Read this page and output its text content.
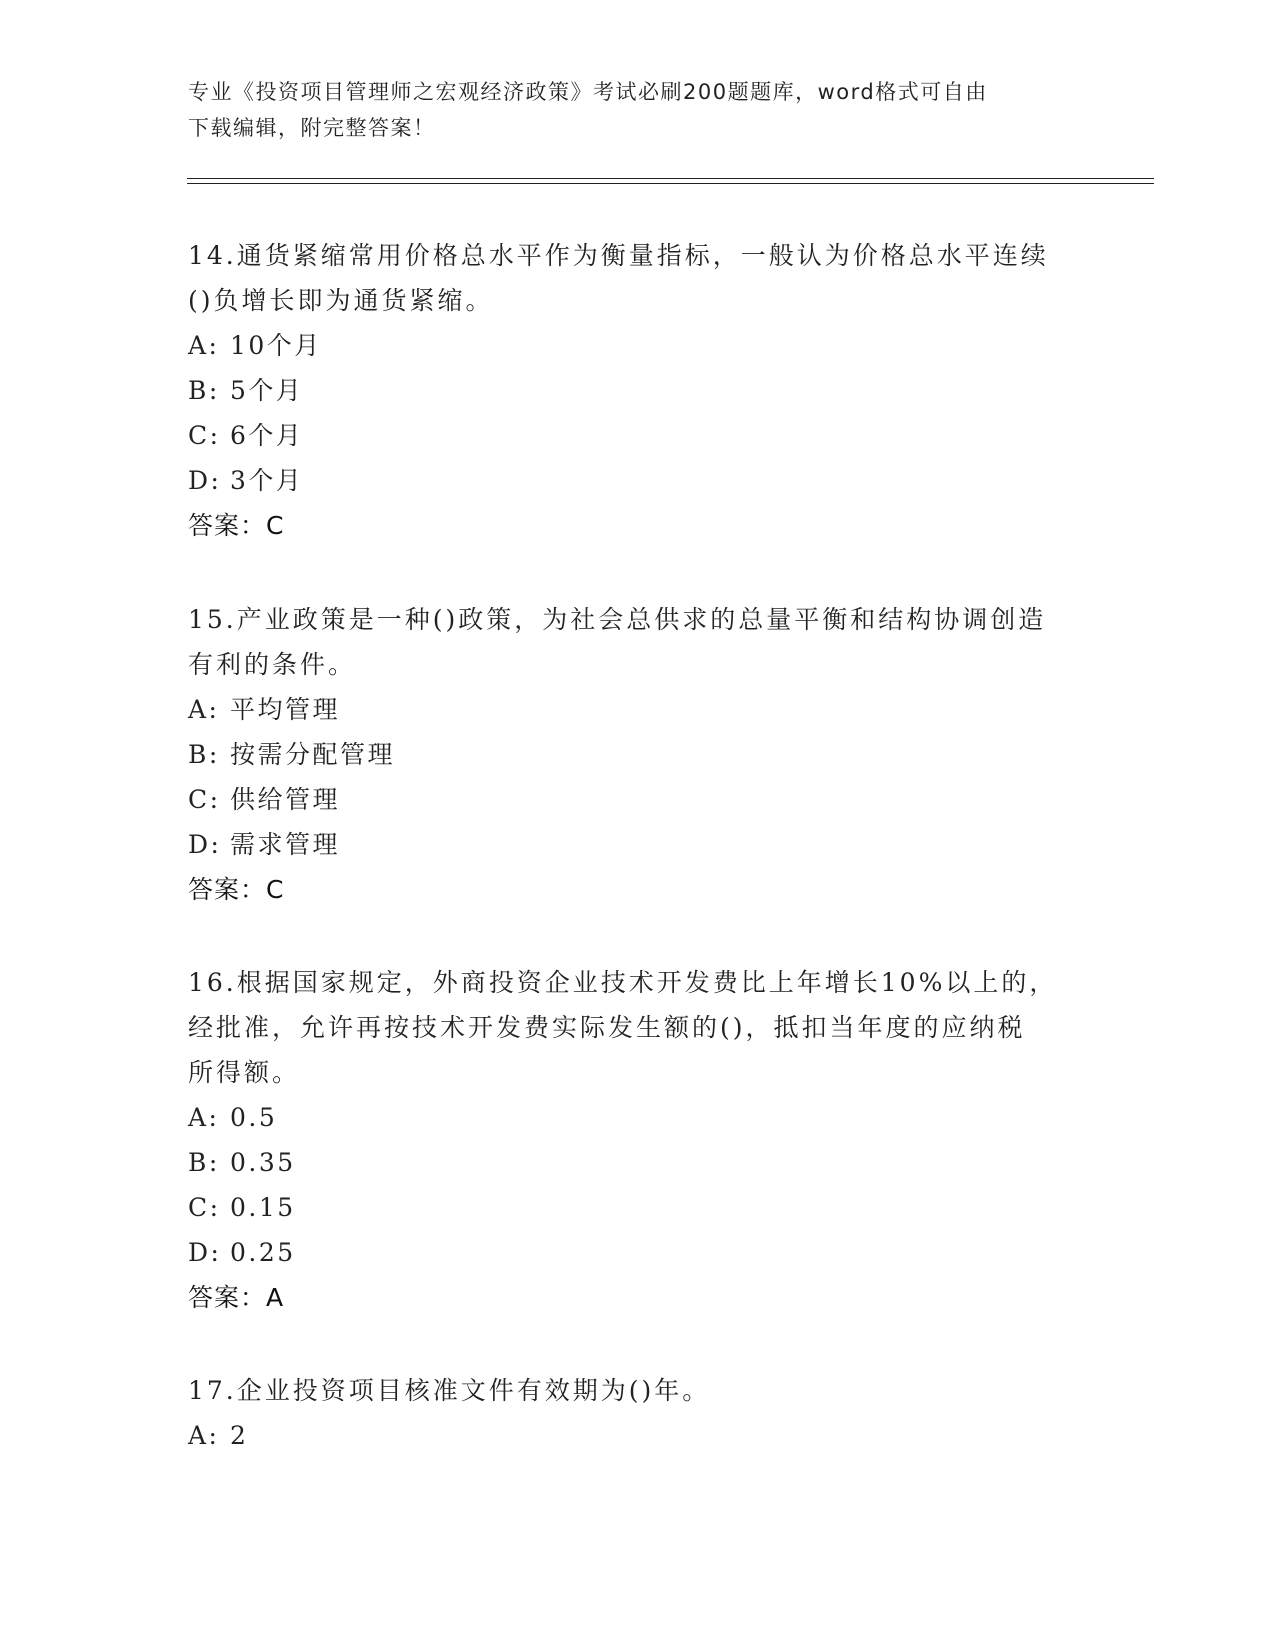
专业《投资项目管理师之宏观经济政策》考试必刷200题题库，word格式可自由
下载编辑，附完整答案！

14.通货紧缩常用价格总水平作为衡量指标，一般认为价格总水平连续

()负增长即为通货紧缩。

A: 10个月

B: 5个月

C: 6个月

D: 3个月

答案：C

15.产业政策是一种()政策，为社会总供求的总量平衡和结构协调创造

有利的条件。

A: 平均管理

B: 按需分配管理

C: 供给管理

D: 需求管理

答案：C

16.根据国家规定，外商投资企业技术开发费比上年增长10%以上的，

经批准，允许再按技术开发费实际发生额的()，抵扣当年度的应纳税

所得额。

A: 0.5

B: 0.35

C: 0.15

D: 0.25

答案：A

17.企业投资项目核准文件有效期为()年。

A: 2
